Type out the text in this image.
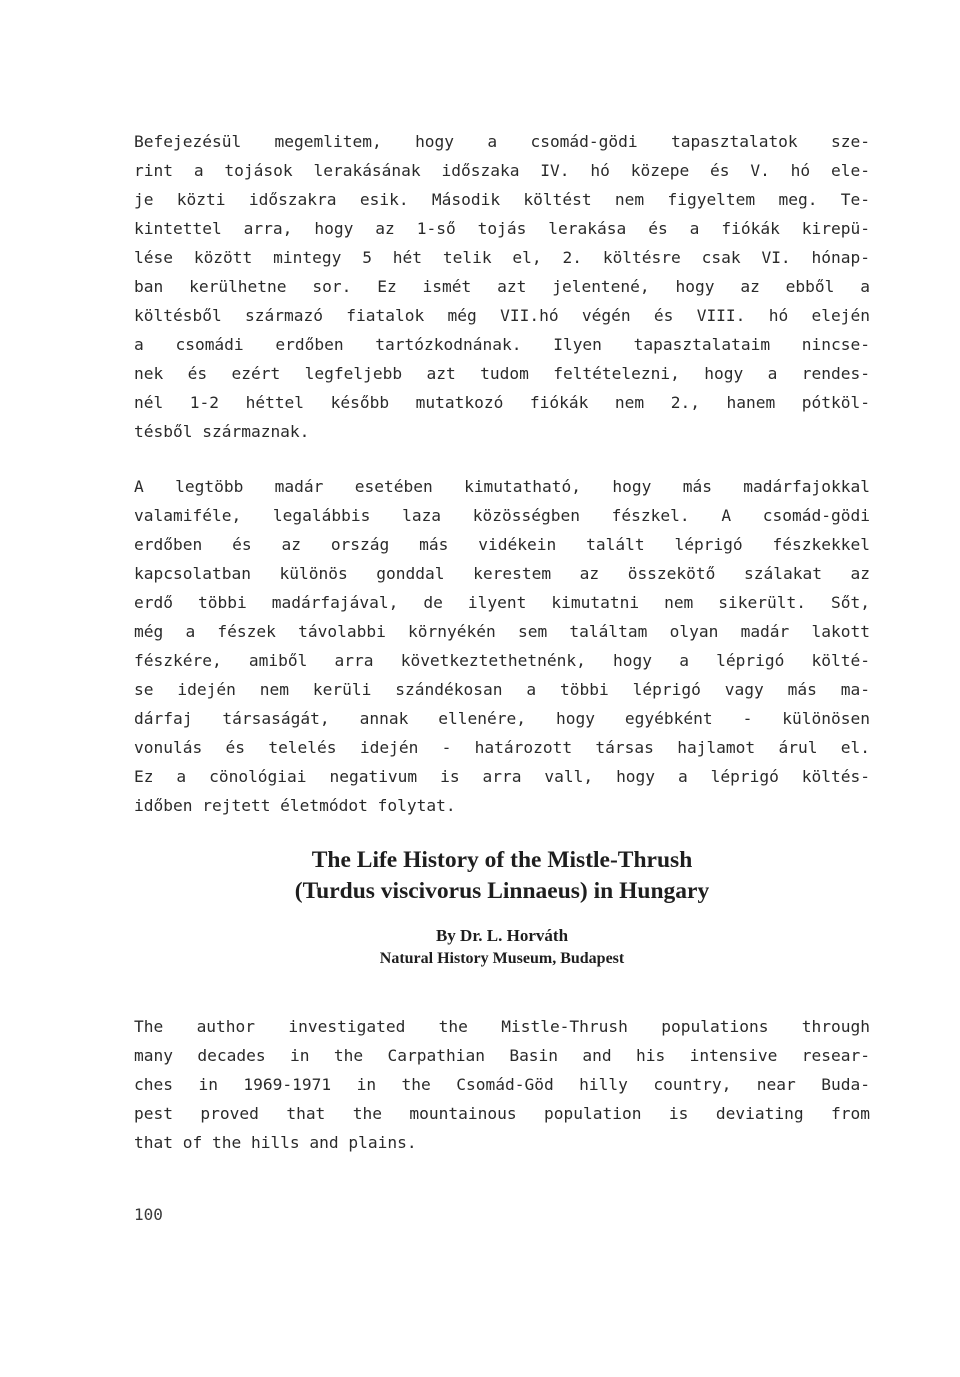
Befejezésül megemlitem, hogy a csomád-gödi tapasztalatok sze-
rint a tojások lerakásának időszaka IV. hó közepe és V. hó ele-
je közti időszakra esik. Második költést nem figyeltem meg. Te-
kintettel arra, hogy az 1-ső tojás lerakása és a fiókák kirepü-
lése között mintegy 5 hét telik el, 2. költésre csak VI. hónap-
ban kerülhetne sor. Ez ismét azt jelentené, hogy az ebből a
költésből származó fiatalok még VII.hó végén és VIII. hó elején
a csomádi erdőben tartózkodnának. Ilyen tapasztalataim nincse-
nek és ezért legfeljebb azt tudom feltételezni, hogy a rendes-
nél 1-2 héttel később mutatkozó fiókák nem 2., hanem pótköl-
tésből származnak.
A legtöbb madár esetében kimutatható, hogy más madárfajokkal
valamiféle, legalábbis laza közösségben fészkel. A csomád-gödi
erdőben és az ország más vidékein talált léprigó fészkekkel
kapcsolatban különös gonddal kerestem az összekötő szálakat az
erdő többi madárfajával, de ilyent kimutatni nem sikerült. Sőt,
még a fészek távolabbi környékén sem találtam olyan madár lakott
fészkére, amiből arra következtethetnénk, hogy a léprigó költé-
se idején nem kerüli szándékosan a többi léprigó vagy más ma-
dárfaj társaságát, annak ellenére, hogy egyébként - különösen
vonulás és telelés idején - határozott társas hajlamot árul el.
Ez a cönológiai negativum is arra vall, hogy a léprigó költés-
időben rejtett életmódot folytat.
The Life History of the Mistle-Thrush
(Turdus viscivorus Linnaeus) in Hungary
By Dr. L. Horváth
Natural History Museum, Budapest
The author investigated the Mistle-Thrush populations through
many decades in the Carpathian Basin and his intensive resear-
ches in 1969-1971 in the Csomád-Göd hilly country, near Buda-
pest proved that the mountainous population is deviating from
that of the hills and plains.
100
